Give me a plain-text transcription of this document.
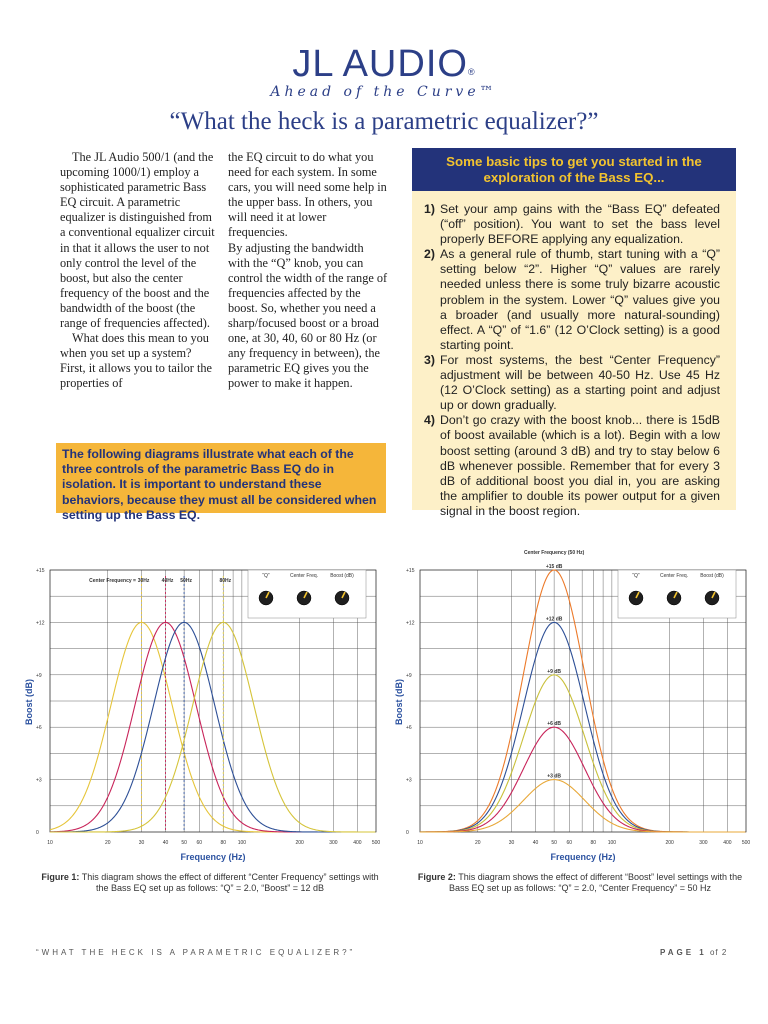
JL AUDIO®
Ahead of the Curve™
“What the heck is a parametric equalizer?”

The JL Audio 500/1 (and the upcoming 1000/1) employ a sophisticated parametric Bass EQ circuit. A parametric equalizer is distinguished from a conventional equalizer circuit in that it allows the user to not only control the level of the boost, but also the center frequency of the boost and the bandwidth of the boost (the range of frequencies affected).

What does this mean to you when you set up a system? First, it allows you to tailor the properties of

the EQ circuit to do what you need for each system. In some cars, you will need some help in the upper bass. In others, you will need it at lower frequencies.

By adjusting the bandwidth with the “Q” knob, you can control the width of the range of frequencies affected by the boost. So, whether you need a sharp/focused boost or a broad one, at 30, 40, 60 or 80 Hz (or any frequency in between), the parametric EQ gives you the power to make it happen.

Some basic tips to get you started in the exploration of the Bass EQ...
1) Set your amp gains with the “Bass EQ” defeated (“off” position). You want to set the bass level properly BEFORE applying any equalization.
2) As a general rule of thumb, start tuning with a “Q” setting below “2”. Higher “Q” values are rarely needed unless there is some truly bizarre acoustic problem in the system. Lower “Q” values give you a broader (and usually more natural-sounding) effect. A “Q” of “1.6” (12 O’Clock setting) is a good starting point.
3) For most systems, the best “Center Frequency” adjustment will be between 40-50 Hz. Use 45 Hz (12 O’Clock setting) as a starting point and adjust up or down gradually.
4) Don’t go crazy with the boost knob... there is 15dB of boost available (which is a lot). Begin with a low boost setting (around 3 dB) and try to stay below 6 dB whenever possible. Remember that for every 3 dB of additional boost you dial in, you are asking the amplifier to double its power output for a given signal in the boost region.
The following diagrams illustrate what each of the three controls of the parametric Bass EQ do in isolation. It is important to understand these behaviors, because they must all be considered when setting up the Bass EQ.
Boost (dB)
0
+3
+6
+9
+12
+15
10	20	30	40	50 60	80 100	200	300	400 500
Frequency (Hz)
Center Frequency = 30Hz 40Hz 50Hz	80Hz
“Q”	Center Freq. Boost (dB)
Boost (dB)
0
+3
+6
+9
+12
+15
10	20	30	40	50 60	80 100	200	300	400 500
Frequency (Hz)
Center Frequency (50 Hz)
+15 dB
+12 dB
+9 dB
+6 dB
+3 dB
“Q”	Center Freq. Boost (dB)
Figure 1: This diagram shows the effect of different “Center Frequency” settings with the Bass EQ set up as follows: “Q” = 2.0, “Boost” = 12 dB
Figure 2: This diagram shows the effect of different “Boost” level settings with the Bass EQ set up as follows: “Q” = 2.0, “Center Frequency” = 50 Hz
“WHAT THE HECK IS A PARAMETRIC EQUALIZER?”	PAGE 1 of 2
